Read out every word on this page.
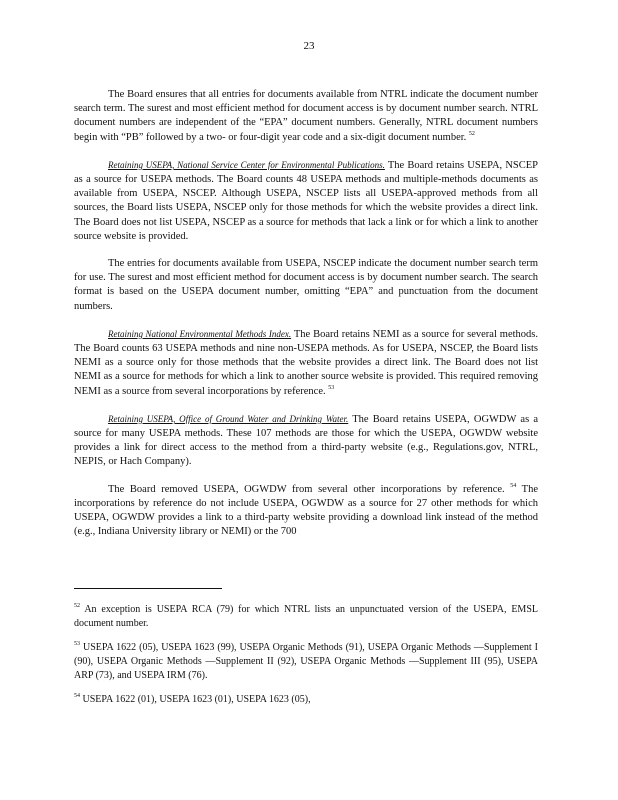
23

The Board ensures that all entries for documents available from NTRL indicate the document number search term. The surest and most efficient method for document access is by document number search. NTRL document numbers are independent of the “EPA” document numbers. Generally, NTRL document numbers begin with “PB” followed by a two- or four-digit year code and a six-digit document number. $^{52}$

Retaining USEPA, National Service Center for Environmental Publications. The Board retains USEPA, NSCEP as a source for USEPA methods. The Board counts 48 USEPA methods and multiple-methods documents as available from USEPA, NSCEP. Although USEPA, NSCEP lists all USEPA-approved methods from all sources, the Board lists USEPA, NSCEP only for those methods for which the website provides a direct link. The Board does not list USEPA, NSCEP as a source for methods that lack a link or for which a link to another source website is provided.

The entries for documents available from USEPA, NSCEP indicate the document number search term for use. The surest and most efficient method for document access is by document number search. The search format is based on the USEPA document number, omitting “EPA” and punctuation from the document numbers.

Retaining National Environmental Methods Index. The Board retains NEMI as a source for several methods. The Board counts 63 USEPA methods and nine non-USEPA methods. As for USEPA, NSCEP, the Board lists NEMI as a source only for those methods that the website provides a direct link. The Board does not list NEMI as a source for methods for which a link to another source website is provided. This required removing NEMI as a source from several incorporations by reference. $^{53}$

Retaining USEPA, Office of Ground Water and Drinking Water. The Board retains USEPA, OGWDW as a source for many USEPA methods. These 107 methods are those for which the USEPA, OGWDW website provides a link for direct access to the method from a third-party website (e.g., Regulations.gov, NTRL, NEPIS, or Hach Company).

The Board removed USEPA, OGWDW from several other incorporations by reference. $^{54}$ The incorporations by reference do not include USEPA, OGWDW as a source for 27 other methods for which USEPA, OGWDW provides a link to a third-party website providing a download link instead of the method (e.g., Indiana University library or NEMI) or the 700

$^{52}$ An exception is USEPA RCA (79) for which NTRL lists an unpunctuated version of the USEPA, EMSL document number.

$^{53}$ USEPA 1622 (05), USEPA 1623 (99), USEPA Organic Methods (91), USEPA Organic Methods —Supplement I (90), USEPA Organic Methods —Supplement II (92), USEPA Organic Methods —Supplement III (95), USEPA ARP (73), and USEPA IRM (76).

$^{54}$ USEPA 1622 (01), USEPA 1623 (01), USEPA 1623 (05),
